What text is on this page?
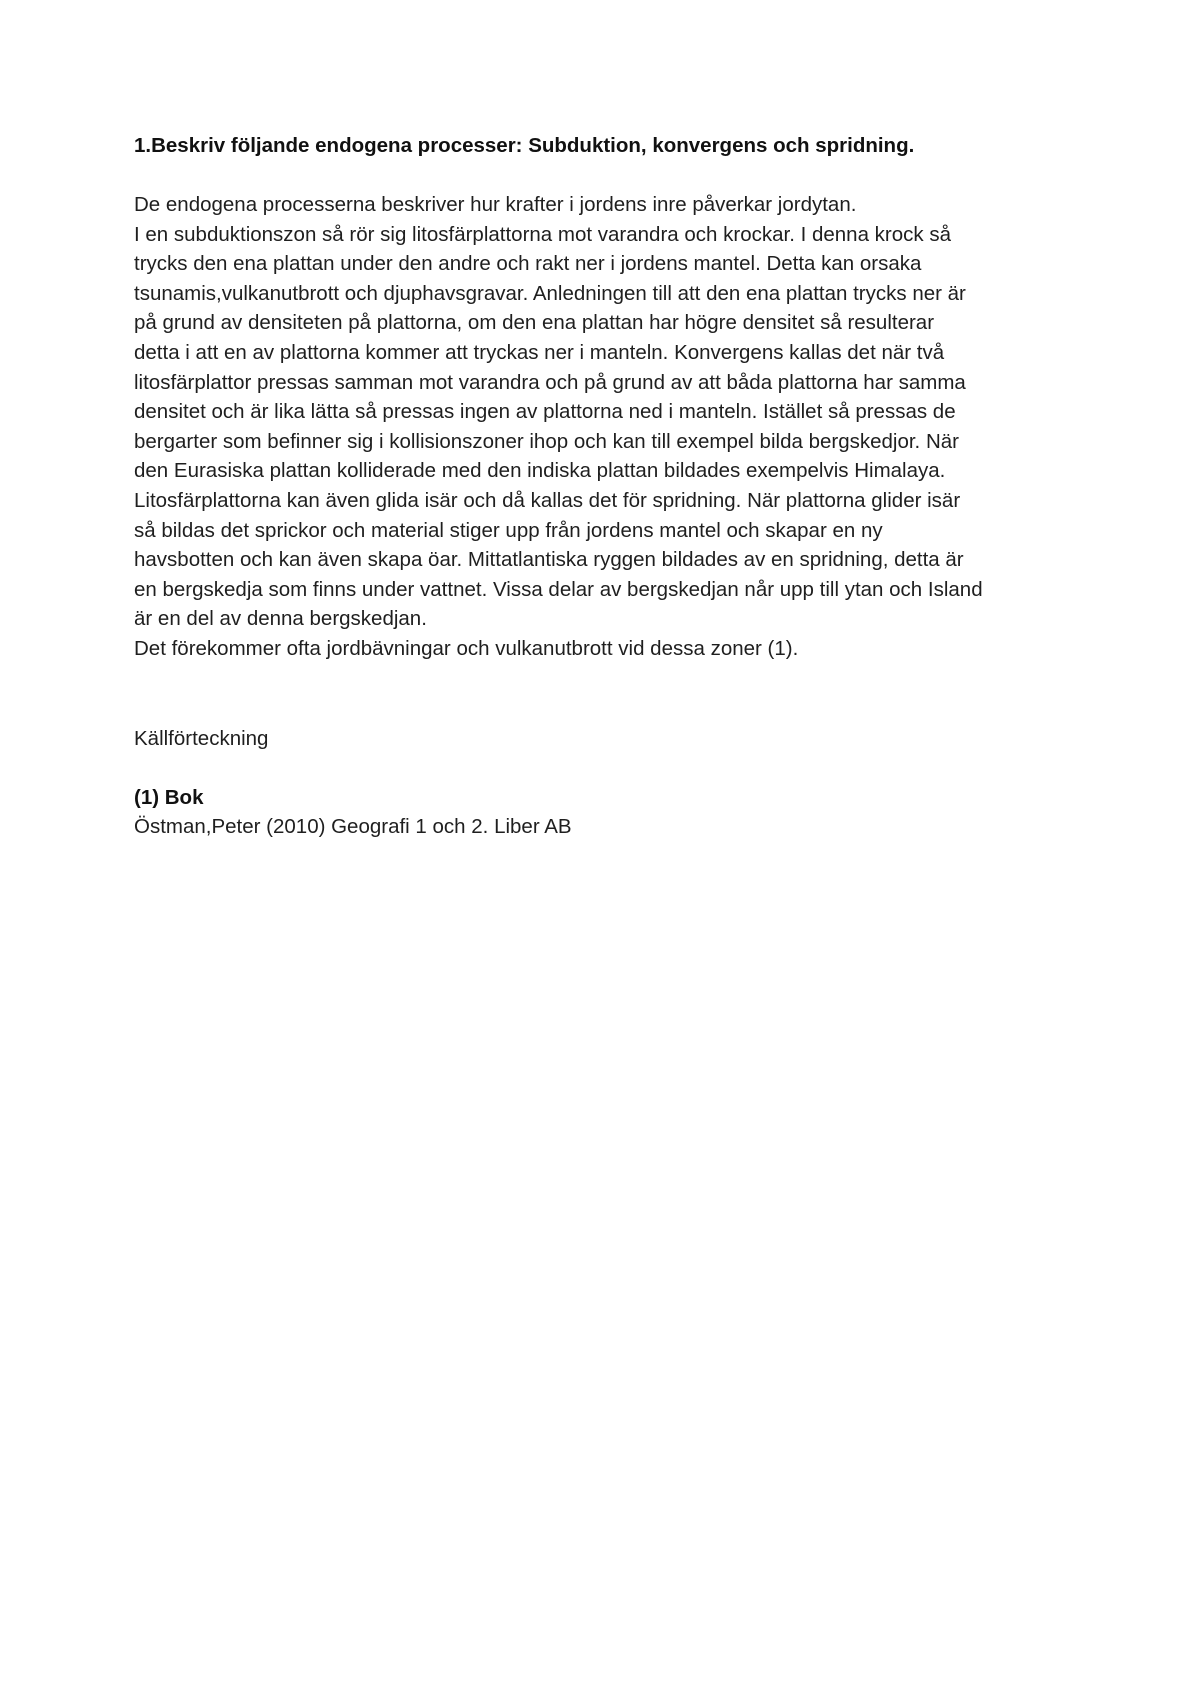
1.Beskriv följande endogena processer: Subduktion, konvergens och spridning.

De endogena processerna beskriver hur krafter i jordens inre påverkar jordytan.

I en subduktionszon så rör sig litosfärplattorna mot varandra och krockar. I denna krock så trycks den ena plattan under den andre och rakt ner i jordens mantel. Detta kan orsaka tsunamis,vulkanutbrott och djuphavsgravar. Anledningen till att den ena plattan trycks ner är på grund av densiteten på plattorna, om den ena plattan har högre densitet så resulterar detta i att en av plattorna kommer att tryckas ner i manteln. Konvergens kallas det när två litosfärplattor pressas samman mot varandra och på grund av att båda plattorna har samma densitet och är lika lätta så pressas ingen av plattorna ned i manteln. Istället så pressas de bergarter som befinner sig i kollisionszoner ihop och kan till exempel bilda bergskedjor. När den Eurasiska plattan kolliderade med den indiska plattan bildades exempelvis Himalaya. Litosfärplattorna kan även glida isär och då kallas det för spridning. När plattorna glider isär så bildas det sprickor och material stiger upp från jordens mantel och skapar en ny havsbotten och kan även skapa öar. Mittatlantiska ryggen bildades av en spridning, detta är en bergskedja som finns under vattnet. Vissa delar av bergskedjan når upp till ytan och Island är en del av denna bergskedjan.

Det förekommer ofta jordbävningar och vulkanutbrott vid dessa zoner (1).

Källförteckning
(1) Bok
Östman,Peter (2010) Geografi 1 och 2. Liber AB
